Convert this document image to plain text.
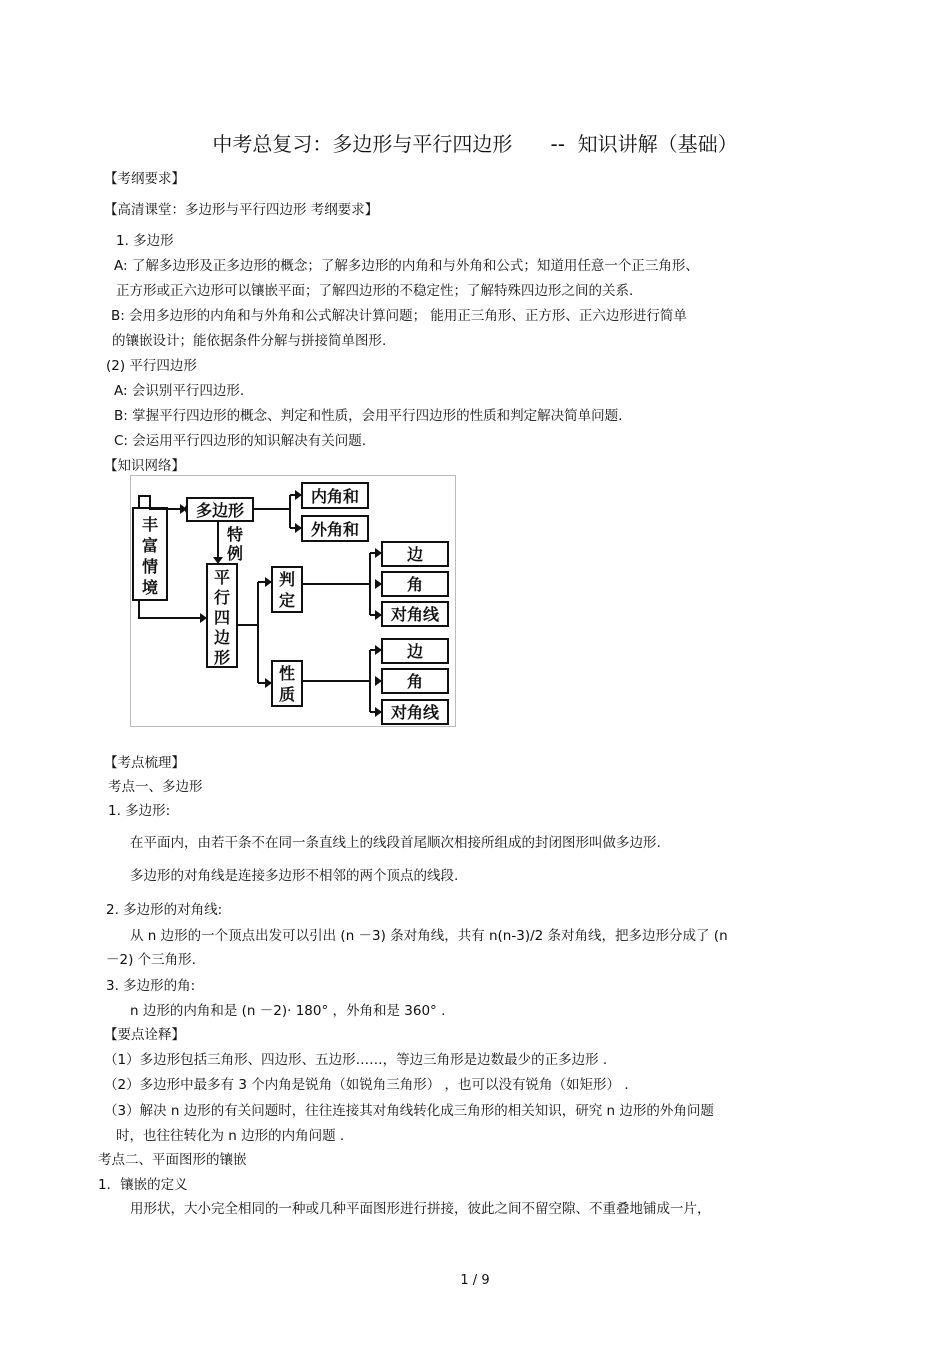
中考总复习：多边形与平行四边形      --  知识讲解（基础）
【考纲要求】
【高清课堂：多边形与平行四边形 考纲要求】
1. 多边形
A: 了解多边形及正多边形的概念；了解多边形的内角和与外角和公式；知道用任意一个正三角形、
正方形或正六边形可以镶嵌平面；了解四边形的不稳定性；了解特殊四边形之间的关系.
B: 会用多边形的内角和与外角和公式解决计算问题； 能用正三角形、正方形、正六边形进行简单
的镶嵌设计；能依据条件分解与拼接简单图形.
(2) 平行四边形
A: 会识别平行四边形.
B: 掌握平行四边形的概念、判定和性质，会用平行四边形的性质和判定解决简单问题.
C: 会运用平行四边形的知识解决有关问题.
【知识网络】
丰
富
情
境
多边形
内角和
外角和
特
例
平
行
四
边
形
判
定
性
质
边
角
对角线
边
角
对角线
【考点梳理】
考点一、多边形
1. 多边形:
在平面内，由若干条不在同一条直线上的线段首尾顺次相接所组成的封闭图形叫做多边形.
多边形的对角线是连接多边形不相邻的两个顶点的线段.
2. 多边形的对角线:
从 n 边形的一个顶点出发可以引出 (n －3) 条对角线，共有 n(n-3)/2 条对角线，把多边形分成了 (n
－2) 个三角形.
3. 多边形的角:
n 边形的内角和是 (n －2)· 180° ，外角和是 360° .
【要点诠释】
（1）多边形包括三角形、四边形、五边形……，等边三角形是边数最少的正多边形 .
（2）多边形中最多有 3 个内角是锐角（如锐角三角形） ，也可以没有锐角（如矩形） .
（3）解决 n 边形的有关问题时，往往连接其对角线转化成三角形的相关知识，研究 n 边形的外角问题
时，也往往转化为 n 边形的内角问题 .
考点二、平面图形的镶嵌
1．镶嵌的定义
用形状，大小完全相同的一种或几种平面图形进行拼接，彼此之间不留空隙、不重叠地铺成一片，
1 / 9
